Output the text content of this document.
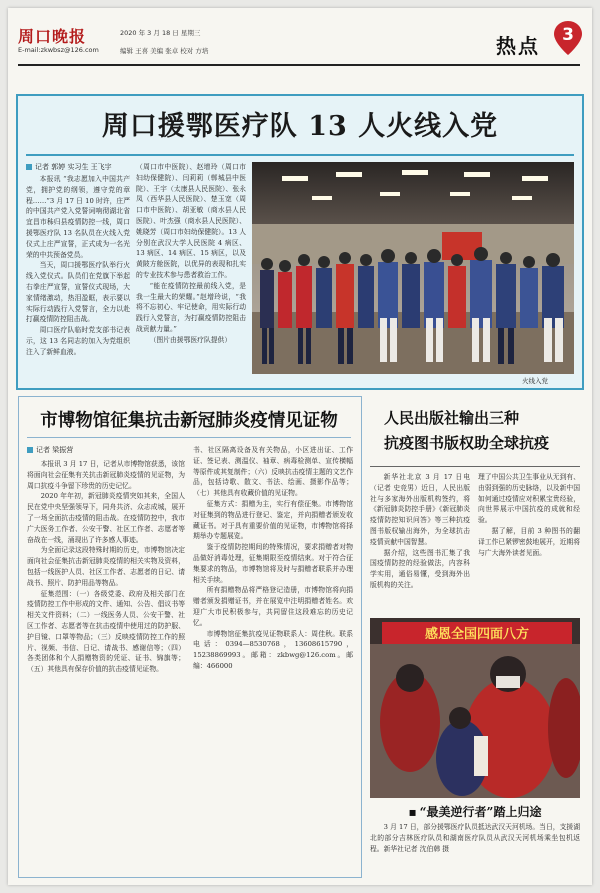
周口晚报
E-mail:zkwbsz@126.com
2020 年 3 月 18 日 星期三
编辑 王喜 美编 张卓 校对 方培	热点	3
周口援鄂医疗队 13 人火线入党
记者 郭婷 实习生 王飞宇

本报讯 “我志愿加入中国共产党，拥护党的纲领，遵守党的章程……”3 月 17 日 10 时许，庄严的中国共产党入党誓词响彻湖北省宜昌市秭归县疫情防控一线，周口援鄂医疗队 13 名队员在火线入党仪式上庄严宣誓，正式成为一名光荣的中共预备党员。

当天，周口援鄂医疗队举行火线入党仪式。队员们在党旗下举起右拳庄严宣誓，宣誓仪式现场，大家情绪激动，热泪盈眶，表示要以实际行动践行入党誓言，全力以赴打赢疫情防控阻击战。

周口医疗队临时党支部书记表示，这 13 名同志的加入为党组织注入了新鲜血液。

（周口市中医院）、赵增玲（周口市妇幼保健院）、闫莉莉（郸城县中医院）、王宇（太康县人民医院）、张永凤（西华县人民医院）、楚玉宽（周口市中医院）、胡亚敏（商水县人民医院）、叶杰强（商水县人民医院）、姚晓芳（周口市妇幼保健院）。13 人分别在武汉大学人民医院 4 病区、13 病区、14 病区、15 病区，以及黄陂方舱医院，以优异的表现和扎实的专业技术参与患者救治工作。

“能在疫情防控最前线入党，是我一生最大的荣耀。”赵增玲说，“我将不忘初心、牢记使命，用实际行动践行入党誓言，为打赢疫情防控阻击战贡献力量。”

（图片由援鄂医疗队提供）

火线入党
市博物馆征集抗击新冠肺炎疫情见证物
记者 梁振营

本报讯 3 月 17 日，记者从市博物馆获悉，该馆将面向社会征集有关抗击新冠肺炎疫情的见证物，为周口抗疫斗争留下珍贵的历史记忆。

2020 年年初，新冠肺炎疫情突如其来，全国人民在党中央坚强领导下，同舟共济、众志成城，展开了一场全面抗击疫情的阻击战。在疫情防控中，我市广大医务工作者、公安干警、社区工作者、志愿者等奋战在一线，涌现出了许多感人事迹。

为全面记录这段特殊时期的历史，市博物馆决定面向社会征集抗击新冠肺炎疫情的相关实物及资料，包括一线医护人员、社区工作者、志愿者的日记、请战书、照片、防护用品等物品。

征集范围：（一）各级党委、政府及相关部门在疫情防控工作中形成的文件、通知、公告、倡议书等相关文件资料；（二）一线医务人员、公安干警、社区工作者、志愿者等在抗击疫情中使用过的防护服、护目镜、口罩等物品；（三）反映疫情防控工作的照片、视频、书信、日记、请战书、感谢信等；（四）各类团体和个人捐赠物资的凭证、证书、锦旗等；（五）其他具有保存价值的抗击疫情见证物。

书、社区隔离设备及有关物品，小区进出证、工作证、签记表、测温仪、袖章、病毒检测单、宣传横幅等原件或其复制件；（六）反映抗击疫情主题的文艺作品，包括诗歌、散文、书法、绘画、摄影作品等；（七）其他具有收藏价值的见证物。

征集方式：捐赠为主，实行有偿征集。市博物馆对征集到的物品进行登记、鉴定，并向捐赠者颁发收藏证书。对于具有重要价值的见证物，市博物馆将择期举办专题展览。

鉴于疫情防控期间的特殊情况，要求捐赠者对物品做好消毒处理，征集期限至疫情结束。对于符合征集要求的物品，市博物馆将及时与捐赠者联系并办理相关手续。

所有捐赠物品将严格登记造册，市博物馆将向捐赠者颁发捐赠证书，并在展览中注明捐赠者姓名。欢迎广大市民积极参与，共同留住这段难忘的历史记忆。

市博物馆征集抗疫见证物联系人：周佳秋。联系电话：0394—8530768，13608615790，15238869993。邮箱：zkbwg@126.com。邮编：466000

人民出版社输出三种
抗疫图书版权助全球抗疫

新华社北京 3 月 17 日电（记者 史竞男）近日，人民出版社与多家海外出版机构签约，将《新冠肺炎防控手册》《新冠肺炎疫情防控知识问答》等三种抗疫图书版权输出海外，为全球抗击疫情贡献中国智慧。

据介绍，这些图书汇集了我国疫情防控的经验做法，内容科学实用，通俗易懂，受到海外出版机构的关注。

理了中国公共卫生事业从无到有、由弱到强的历史脉络，以及新中国如何通过疫情应对积累宝贵经验，向世界展示中国抗疫的成就和经验。

据了解，目前 3 种图书的翻译工作已紧锣密鼓地展开，近期将与广大海外读者见面。

感恩全国四面八方
▪ “最美逆行者”踏上归途

3 月 17 日，部分援鄂医疗队员抵达武汉天河机场。当日，支援湖北的部分吉林医疗队员和湖南医疗队员从武汉天河机场乘坐包机返程。新华社记者 沈伯韩 摄
